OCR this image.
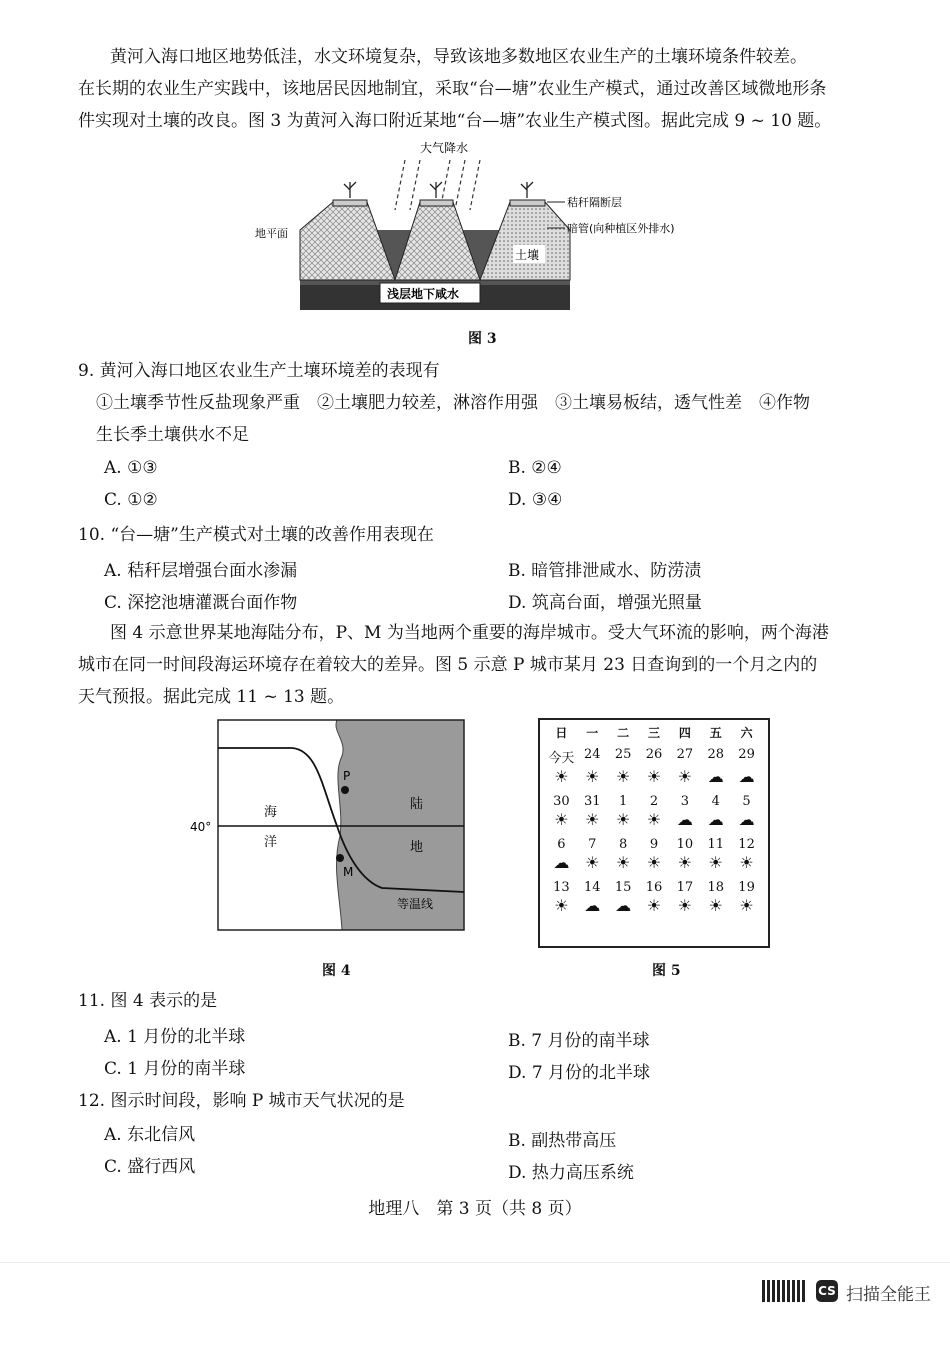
黄河入海口地区地势低洼，水文环境复杂，导致该地多数地区农业生产的土壤环境条件较差。
在长期的农业生产实践中，该地居民因地制宜，采取“台—塘”农业生产模式，通过改善区域微地形条
件实现对土壤的改良。图 3 为黄河入海口附近某地“台—塘”农业生产模式图。据此完成 9 ~ 10 题。
大气降水
浅层地下咸水
土壤
地平面
秸秆隔断层
暗管(向种植区外排水)
图 3
9. 黄河入海口地区农业生产土壤环境差的表现有
①土壤季节性反盐现象严重　②土壤肥力较差，淋溶作用强　③土壤易板结，透气性差　④作物
生长季土壤供水不足
A. ①③	B. ②④
C. ①②	D. ③④
10. “台—塘”生产模式对土壤的改善作用表现在
A. 秸秆层增强台面水渗漏	B. 暗管排泄咸水、防涝渍
C. 深挖池塘灌溉台面作物	D. 筑高台面，增强光照量
图 4 示意世界某地海陆分布，P、M 为当地两个重要的海岸城市。受大气环流的影响，两个海港
城市在同一时间段海运环境存在着较大的差异。图 5 示意 P 城市某月 23 日查询到的一个月之内的
天气预报。据此完成 11 ~ 13 题。
40°
P
M
海
洋
陆
地
等温线
图 4
日	一	二	三	四	五	六
今天 24	25	26	27	28	29
☀	☀	☀	☀	☀ ☁ ☁
30	31	1	2	3	4	5
☀	☀	☀	☀ ☁ ☁ ☁
6	7	8	9	10	11	12
☁ ☀	☀	☀	☀	☀	☀
13	14	15	16	17	18	19
☀ ☁ ☁ ☀	☀	☀	☀
图 5
11. 图 4 表示的是
A. 1 月份的北半球	B. 7 月份的南半球
C. 1 月份的南半球	D. 7 月份的北半球
12. 图示时间段，影响 P 城市天气状况的是
A. 东北信风	B. 副热带高压
C. 盛行西风	D. 热力高压系统
地理八　第 3 页（共 8 页）
CS 扫描全能王
